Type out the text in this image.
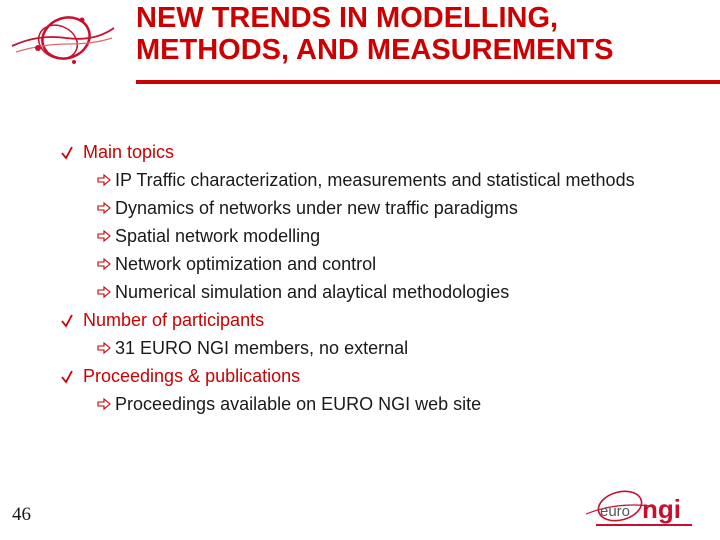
NEW TRENDS IN MODELLING,
METHODS, AND MEASUREMENTS
Main topics
IP Traffic characterization, measurements and statistical methods
Dynamics of networks under new traffic paradigms
Spatial network modelling
Network optimization and control
Numerical simulation and alaytical methodologies
Number of participants
31 EURO NGI members, no external
Proceedings & publications
Proceedings available on EURO NGI web site
46	euro ngi
